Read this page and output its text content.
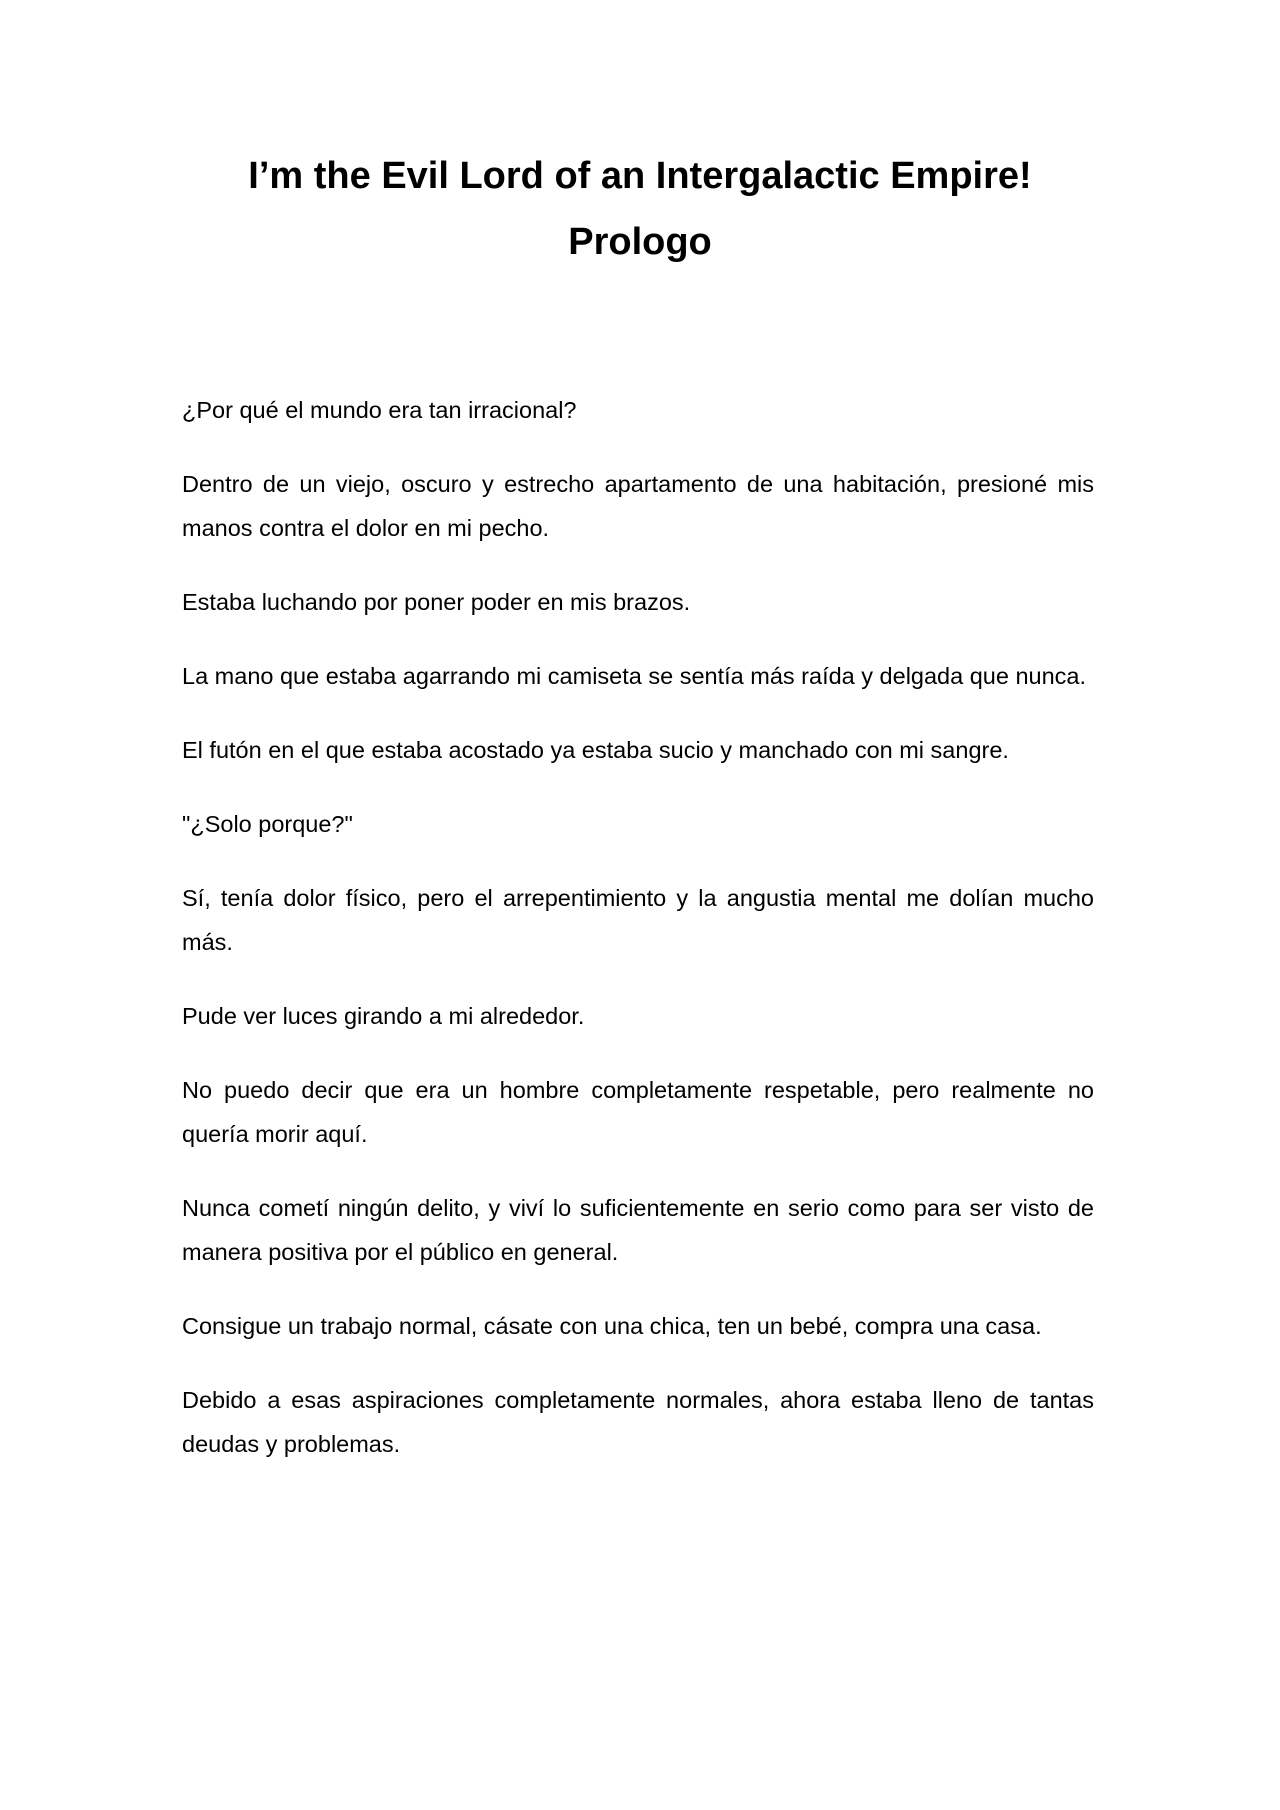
I’m the Evil Lord of an Intergalactic Empire!
Prologo

¿Por qué el mundo era tan irracional?

Dentro de un viejo, oscuro y estrecho apartamento de una habitación, presioné mis manos contra el dolor en mi pecho.

Estaba luchando por poner poder en mis brazos.

La mano que estaba agarrando mi camiseta se sentía más raída y delgada que nunca.

El futón en el que estaba acostado ya estaba sucio y manchado con mi sangre.

"¿Solo porque?"

Sí, tenía dolor físico, pero el arrepentimiento y la angustia mental me dolían mucho más.

Pude ver luces girando a mi alrededor.

No puedo decir que era un hombre completamente respetable, pero realmente no quería morir aquí.

Nunca cometí ningún delito, y viví lo suficientemente en serio como para ser visto de manera positiva por el público en general.

Consigue un trabajo normal, cásate con una chica, ten un bebé, compra una casa.

Debido a esas aspiraciones completamente normales, ahora estaba lleno de tantas deudas y problemas.
